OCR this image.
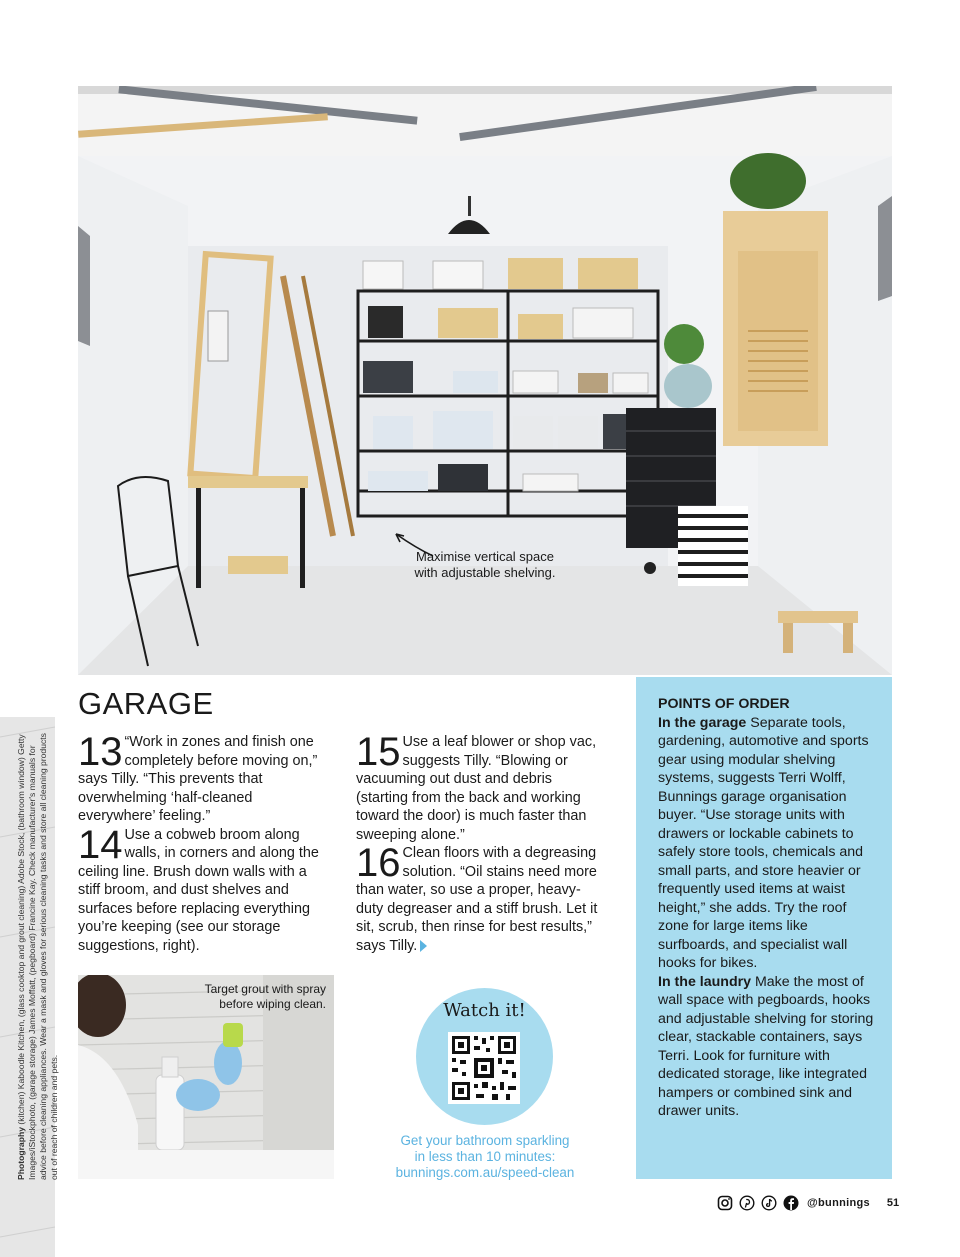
Maximise vertical space with adjustable shelving.
Photography (kitchen) Kaboodle Kitchen, (glass cooktop and grout cleaning) Adobe Stock, (bathroom window) Getty Images/iStockphoto, (garage storage) James Moffatt, (pegboard) Francine Kay. Check manufacturer's manuals for advice before cleaning appliances. Wear a mask and gloves for serious cleaning tasks and store all cleaning products out of reach of children and pets.
GARAGE

13 “Work in zones and finish one completely before moving on,” says Tilly. “This prevents that overwhelming ‘half-cleaned everywhere’ feeling.”

14 Use a cobweb broom along walls, in corners and along the ceiling line. Brush down walls with a stiff broom, and dust shelves and surfaces before replacing everything you’re keeping (see our storage suggestions, right).

15 Use a leaf blower or shop vac, suggests Tilly. “Blowing or vacuuming out dust and debris (starting from the back and working toward the door) is much faster than sweeping alone.”

16 Clean floors with a degreasing solution. “Oil stains need more than water, so use a proper, heavy-duty degreaser and a stiff brush. Let it sit, scrub, then rinse for best results,” says Tilly.

Target grout with spray before wiping clean.	Watch it!
Get your bathroom sparkling
in less than 10 minutes:
bunnings.com.au/speed-clean
POINTS OF ORDER
In the garage Separate tools, gardening, automotive and sports gear using modular shelving systems, suggests Terri Wolff, Bunnings garage organisation buyer. “Use storage units with drawers or lockable cabinets to safely store tools, chemicals and small parts, and store heavier or frequently used items at waist height,” she adds. Try the roof zone for large items like surfboards, and specialist wall hooks for bikes.
In the laundry Make the most of wall space with pegboards, hooks and adjustable shelving for storing clear, stackable containers, says Terri. Look for furniture with dedicated storage, like integrated hampers or combined sink and drawer units.
@bunnings 51
